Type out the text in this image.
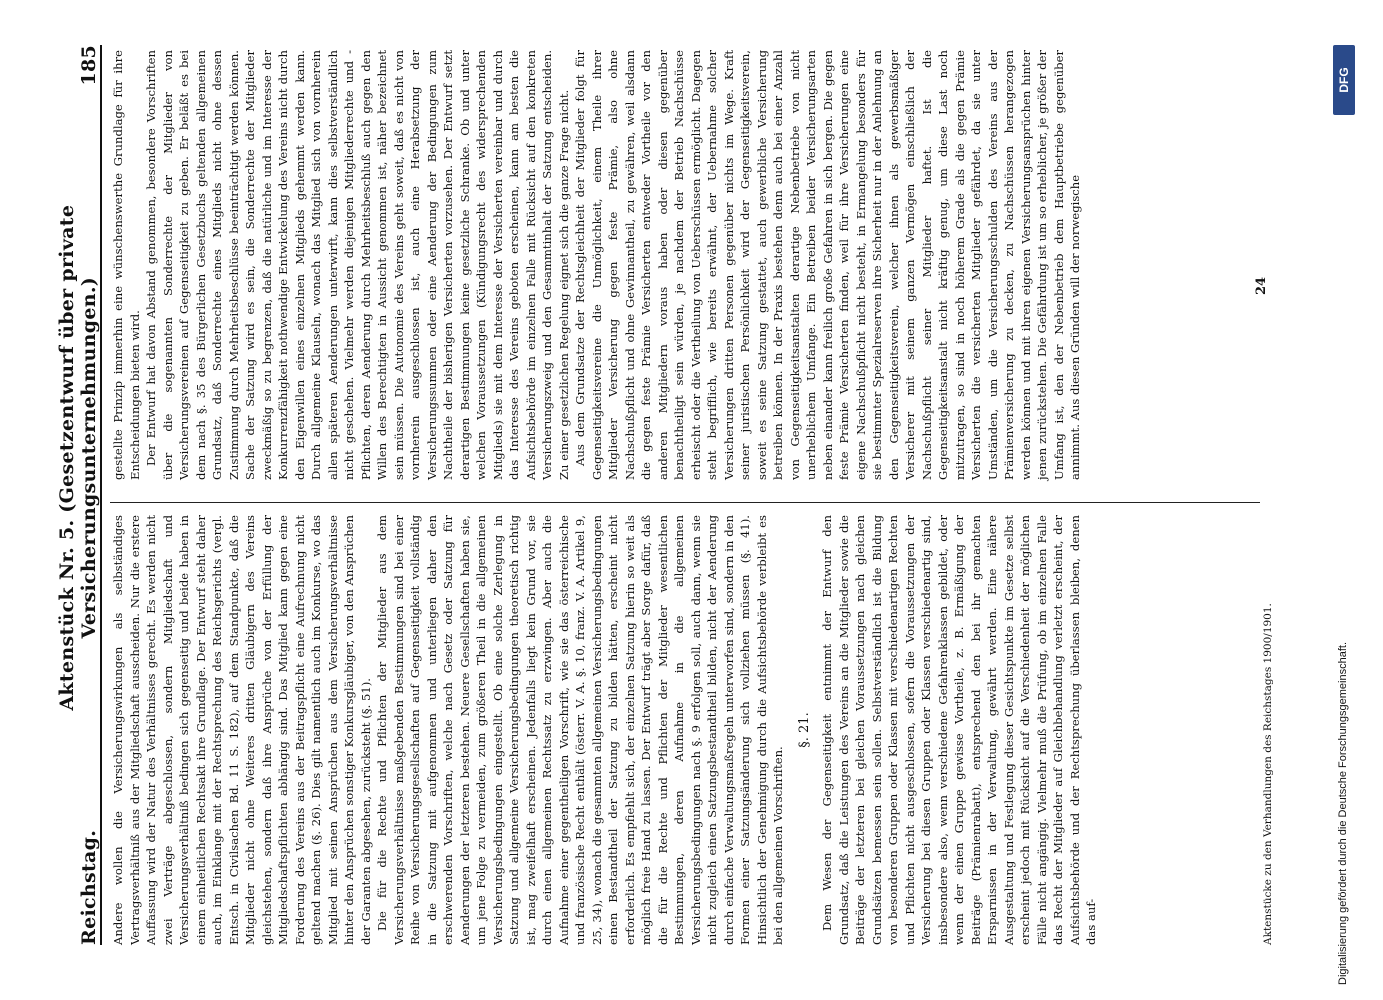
Reichstag.
Aktenstück Nr. 5. (Gesetzentwurf über private Versicherungsunternehmungen.)
185

Andere wollen die Versicherungswirkungen als selbständiges Vertragsverhältniß aus der Mitgliedschaft ausscheiden. Nur die erstere Auffassung wird der Natur des Verhältnisses gerecht. Es werden nicht zwei Verträge abgeschlossen, sondern Mitgliedschaft und Versicherungsverhältniß bedingen sich gegenseitig und beide haben in einem einheitlichen Rechtsakt ihre Grundlage. Der Entwurf steht daher auch, im Einklange mit der Rechtsprechung des Reichsgerichts (vergl. Entsch. in Civilsachen Bd. 11 S. 182), auf dem Standpunkte, daß die Mitglieder nicht ohne Weiteres dritten Gläubigern des Vereins gleichstehen, sondern daß ihre Ansprüche von der Erfüllung der Mitgliedschaftspflichten abhängig sind. Das Mitglied kann gegen eine Forderung des Vereins aus der Beitragspflicht eine Aufrechnung nicht geltend machen (§. 26). Dies gilt namentlich auch im Konkurse, wo das Mitglied mit seinen Ansprüchen aus dem Versicherungsverhältnisse hinter den Ansprüchen sonstiger Konkursgläubiger, von den Ansprüchen der Garanten abgesehen, zurücksteht (§. 51). Die für die Rechte und Pflichten der Mitglieder aus dem Versicherungsverhältnisse maßgebenden Bestimmungen sind bei einer Reihe von Versicherungsgesellschaften auf Gegenseitigkeit vollständig in die Satzung mit aufgenommen und unterliegen daher den erschwerenden Vorschriften, welche nach Gesetz oder Satzung für Aenderungen der letzteren bestehen. Neuere Gesellschaften haben sie, um jene Folge zu vermeiden, zum größeren Theil in die allgemeinen Versicherungsbedingungen eingestellt. Ob eine solche Zerlegung in Satzung und allgemeine Versicherungsbedingungen theoretisch richtig ist, mag zweifelhaft erscheinen. Jedenfalls liegt kein Grund vor, sie durch einen allgemeinen Rechtssatz zu erzwingen. Aber auch die Aufnahme einer gegentheiligen Vorschrift, wie sie das österreichische und französische Recht enthält (österr. V. A. §. 10, franz. V. A. Artikel 9, 25, 34), wonach die gesammten allgemeinen Versicherungsbedingungen einen Bestandtheil der Satzung zu bilden hätten, erscheint nicht erforderlich. Es empfiehlt sich, der einzelnen Satzung hierin so weit als möglich freie Hand zu lassen. Der Entwurf trägt aber Sorge dafür, daß die für die Rechte und Pflichten der Mitglieder wesentlichen Bestimmungen, deren Aufnahme in die allgemeinen Versicherungsbedingungen nach §. 9 erfolgen soll, auch dann, wenn sie nicht zugleich einen Satzungsbestandtheil bilden, nicht der Aenderung durch einfache Verwaltungsmaßregeln unterworfen sind, sondern in den Formen einer Satzungsänderung sich vollziehen müssen (§. 41). Hinsichtlich der Genehmigung durch die Aufsichtsbehörde verbleibt es bei den allgemeinen Vorschriften.

§. 21. Dem Wesen der Gegenseitigkeit entnimmt der Entwurf den Grundsatz, daß die Leistungen des Vereins an die Mitglieder sowie die Beiträge der letzteren bei gleichen Voraussetzungen nach gleichen Grundsätzen bemessen sein sollen. Selbstverständlich ist die Bildung von besonderen Gruppen oder Klassen mit verschiedenartigen Rechten und Pflichten nicht ausgeschlossen, sofern die Voraussetzungen der Versicherung bei diesen Gruppen oder Klassen verschiedenartig sind, insbesondere also, wenn verschiedene Gefahrenklassen gebildet, oder wenn der einen Gruppe gewisse Vortheile, z. B. Ermäßigung der Beiträge (Prämienrabatt), entsprechend den bei ihr gemachten Ersparnissen in der Verwaltung, gewährt werden. Eine nähere Ausgestaltung und Festlegung dieser Gesichtspunkte im Gesetze selbst erscheint jedoch mit Rücksicht auf die Verschiedenheit der möglichen Fälle nicht angängig. Vielmehr muß die Prüfung, ob im einzelnen Falle das Recht der Mitglieder auf Gleichbehandlung verletzt erscheint, der Aufsichtsbehörde und der Rechtsprechung überlassen bleiben, denen das auf-

gestellte Prinzip immerhin eine wünschenswerthe Grundlage für ihre Entscheidungen bieten wird. Der Entwurf hat davon Abstand genommen, besondere Vorschriften über die sogenannten Sonderrechte der Mitglieder von Versicherungsvereinen auf Gegenseitigkeit zu geben. Er beläßt es bei dem nach §. 35 des Bürgerlichen Gesetzbuchs geltenden allgemeinen Grundsatz, daß Sonderrechte eines Mitglieds nicht ohne dessen Zustimmung durch Mehrheitsbeschlüsse beeinträchtigt werden können. Sache der Satzung wird es sein, die Sonderrechte der Mitglieder zweckmäßig so zu begrenzen, daß die natürliche und im Interesse der Konkurrenzfähigkeit nothwendige Entwickelung des Vereins nicht durch den Eigenwillen eines einzelnen Mitglieds gehemmt werden kann. Durch allgemeine Klauseln, wonach das Mitglied sich von vornherein allen späteren Aenderungen unterwirft, kann dies selbstverständlich nicht geschehen. Vielmehr werden diejenigen Mitgliederrechte und -Pflichten, deren Aenderung durch Mehrheitsbeschluß auch gegen den Willen des Berechtigten in Aussicht genommen ist, näher bezeichnet sein müssen. Die Autonomie des Vereins geht soweit, daß es nicht von vornherein ausgeschlossen ist, auch eine Herabsetzung der Versicherungssummen oder eine Aenderung der Bedingungen zum Nachtheile der bisherigen Versicherten vorzusehen. Der Entwurf setzt derartigen Bestimmungen keine gesetzliche Schranke. Ob und unter welchen Voraussetzungen (Kündigungsrecht des widersprechenden Mitglieds) sie mit dem Interesse der Versicherten vereinbar und durch das Interesse des Vereins geboten erscheinen, kann am besten die Aufsichtsbehörde im einzelnen Falle mit Rücksicht auf den konkreten Versicherungszweig und den Gesammtinhalt der Satzung entscheiden. Zu einer gesetzlichen Regelung eignet sich die ganze Frage nicht. Aus dem Grundsatze der Rechtsgleichheit der Mitglieder folgt für Gegenseitigkeitsvereine die Unmöglichkeit, einem Theile ihrer Mitglieder Versicherung gegen feste Prämie, also ohne Nachschußpflicht und ohne Gewinnantheil, zu gewähren, weil alsdann die gegen feste Prämie Versicherten entweder Vortheile vor den anderen Mitgliedern voraus haben oder diesen gegenüber benachtheiligt sein würden, je nachdem der Betrieb Nachschüsse erheischt oder die Vertheilung von Ueberschüssen ermöglicht. Dagegen steht begrifflich, wie bereits erwähnt, der Uebernahme solcher Versicherungen dritten Personen gegenüber nichts im Wege. Kraft seiner juristischen Persönlichkeit wird der Gegenseitigkeitsverein, soweit es seine Satzung gestattet, auch gewerbliche Versicherung betreiben können. In der Praxis bestehen denn auch bei einer Anzahl von Gegenseitigkeitsanstalten derartige Nebenbetriebe von nicht unerheblichem Umfange. Ein Betreiben beider Versicherungsarten neben einander kann freilich große Gefahren in sich bergen. Die gegen feste Prämie Versicherten finden, weil für ihre Versicherungen eine eigene Nachschußpflicht nicht besteht, in Ermangelung besonders für sie bestimmter Spezialreserven ihre Sicherheit nur in der Anlehnung an den Gegenseitigkeitsverein, welcher ihnen als gewerbsmäßiger Versicherer mit seinem ganzen Vermögen einschließlich der Nachschußpflicht seiner Mitglieder haftet. Ist die Gegenseitigkeitsanstalt nicht kräftig genug, um diese Last noch mitzutragen, so sind in noch höherem Grade als die gegen Prämie Versicherten die versicherten Mitglieder gefährdet, da sie unter Umständen, um die Versicherungsschulden des Vereins aus der Prämienversicherung zu decken, zu Nachschüssen herangezogen werden können und mit ihren eigenen Versicherungsansprüchen hinter jenen zurückstehen. Die Gefährdung ist um so erheblicher, je größer der Umfang ist, den der Nebenbetrieb dem Hauptbetriebe gegenüber annimmt. Aus diesen Gründen will der norwegische

Aktenstücke zu den Verhandlungen des Reichstages 1900/1901.
24
Digitalisierung gefördert durch die Deutsche Forschungsgemeinschaft.
DFG
